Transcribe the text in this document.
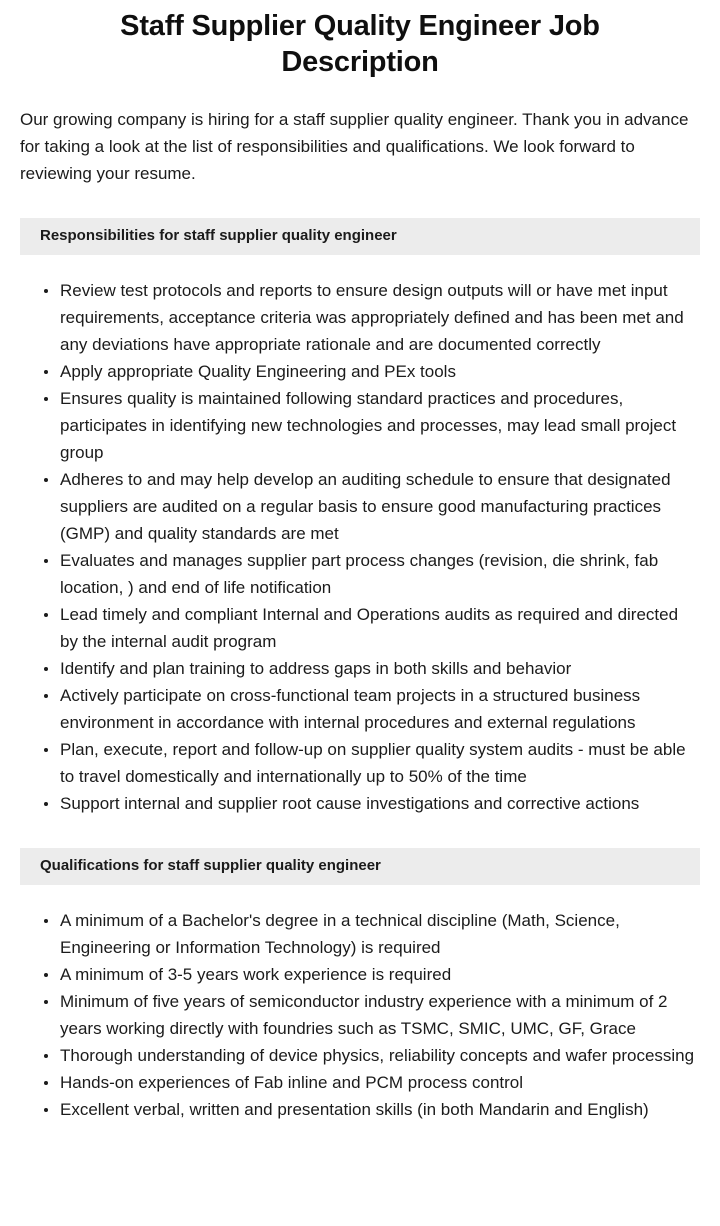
Staff Supplier Quality Engineer Job Description

Our growing company is hiring for a staff supplier quality engineer. Thank you in advance for taking a look at the list of responsibilities and qualifications. We look forward to reviewing your resume.

Responsibilities for staff supplier quality engineer
Review test protocols and reports to ensure design outputs will or have met input requirements, acceptance criteria was appropriately defined and has been met and any deviations have appropriate rationale and are documented correctly
Apply appropriate Quality Engineering and PEx tools
Ensures quality is maintained following standard practices and procedures, participates in identifying new technologies and processes, may lead small project group
Adheres to and may help develop an auditing schedule to ensure that designated suppliers are audited on a regular basis to ensure good manufacturing practices (GMP) and quality standards are met
Evaluates and manages supplier part process changes (revision, die shrink, fab location, ) and end of life notification
Lead timely and compliant Internal and Operations audits as required and directed by the internal audit program
Identify and plan training to address gaps in both skills and behavior
Actively participate on cross-functional team projects in a structured business environment in accordance with internal procedures and external regulations
Plan, execute, report and follow-up on supplier quality system audits - must be able to travel domestically and internationally up to 50% of the time
Support internal and supplier root cause investigations and corrective actions
Qualifications for staff supplier quality engineer
A minimum of a Bachelor's degree in a technical discipline (Math, Science, Engineering or Information Technology) is required
A minimum of 3-5 years work experience is required
Minimum of five years of semiconductor industry experience with a minimum of 2 years working directly with foundries such as TSMC, SMIC, UMC, GF, Grace
Thorough understanding of device physics, reliability concepts and wafer processing
Hands-on experiences of Fab inline and PCM process control
Excellent verbal, written and presentation skills (in both Mandarin and English)
